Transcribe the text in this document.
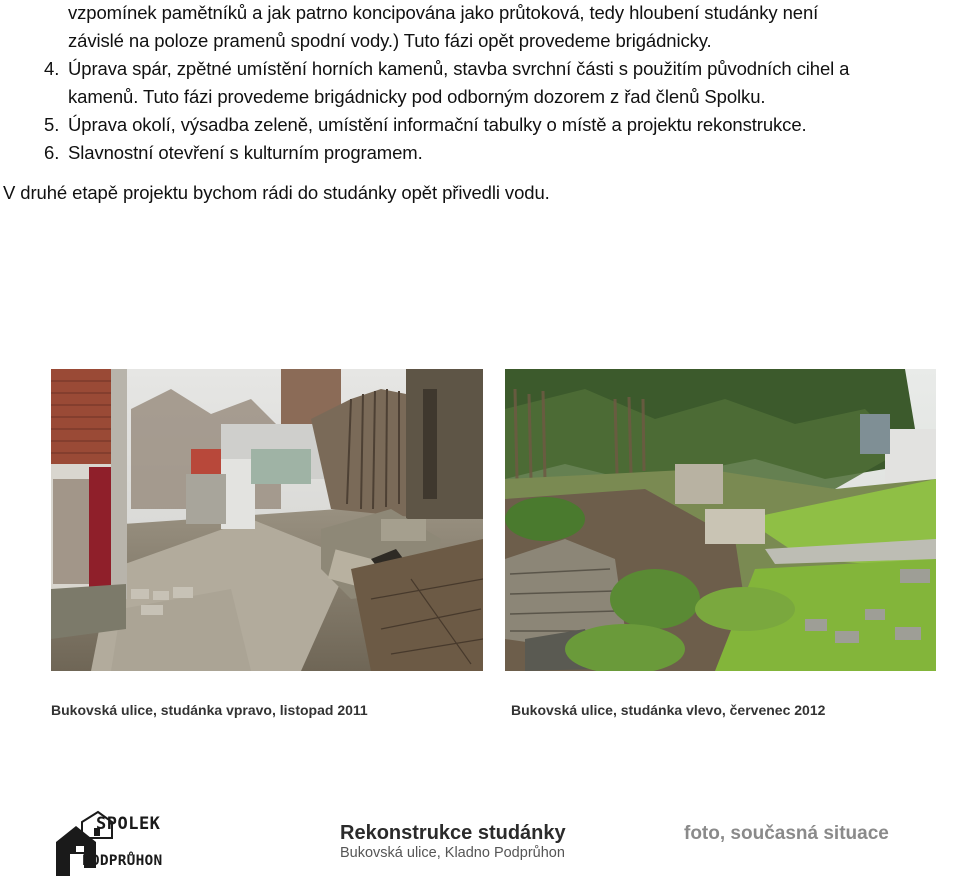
vzpomínek pamětníků a jak patrno koncipována jako průtoková, tedy hloubení studánky není
závislé na poloze pramenů spodní vody.) Tuto fázi opět provedeme brigádnicky.
4. Úprava spár, zpětné umístění horních kamenů, stavba svrchní části s použitím původních cihel a
kamenů. Tuto fázi provedeme brigádnicky pod odborným dozorem z řad členů Spolku.
5. Úprava okolí, výsadba zeleně, umístění informační tabulky o místě a projektu rekonstrukce.
6. Slavnostní otevření s kulturním programem.
V druhé etapě projektu bychom rádi do studánky opět přivedli vodu.
Bukovská ulice, studánka vpravo, listopad 2011	Bukovská ulice, studánka vlevo, červenec 2012
SPOLEK
PODPRŮHON
Rekonstrukce studánky
Bukovská ulice, Kladno Podprůhon
foto, současná situace
